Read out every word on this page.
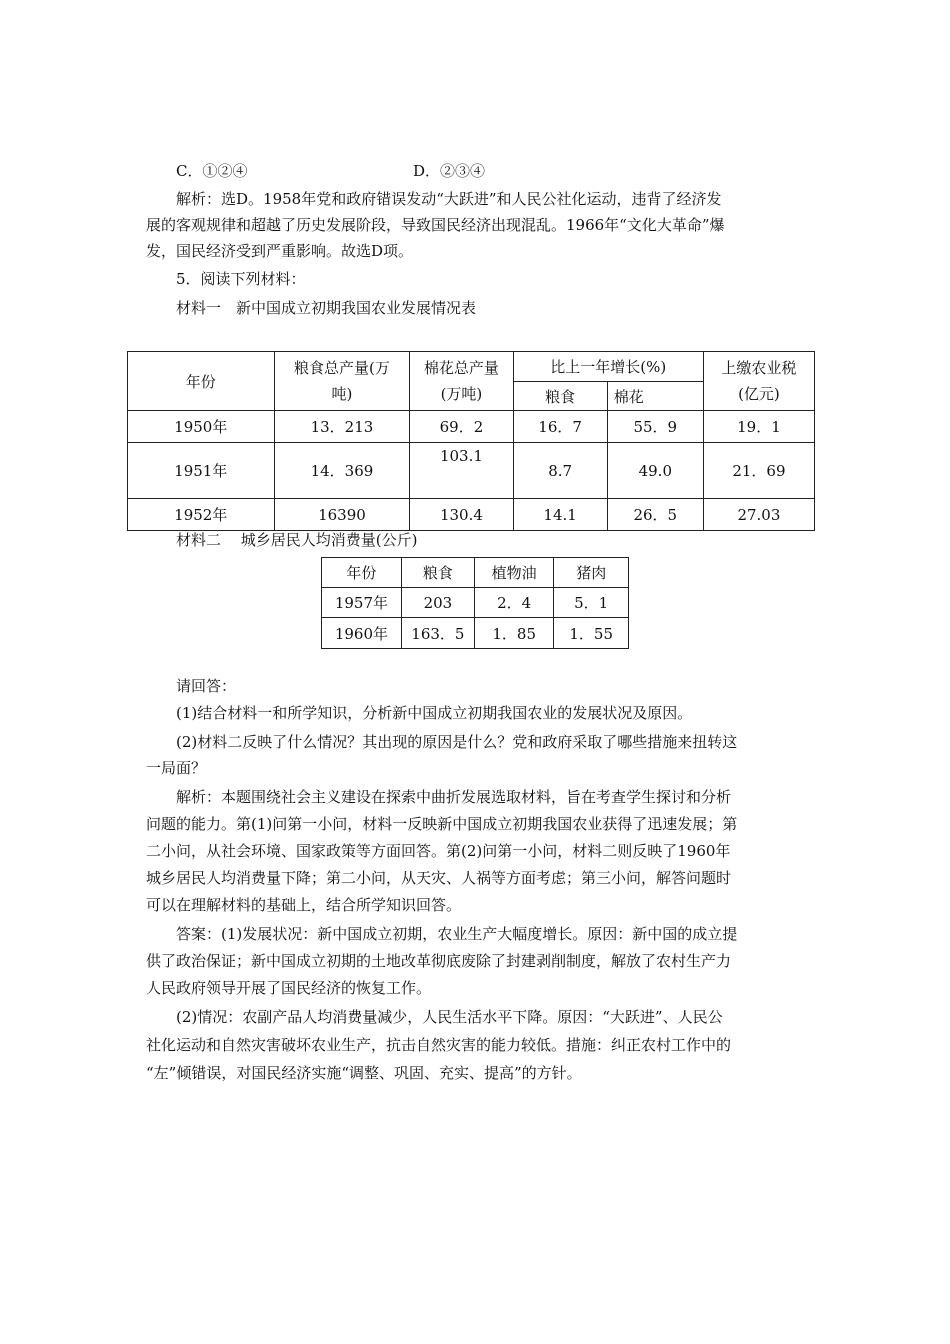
C．①②④	D．②③④
解析：选D。1958年党和政府错误发动“大跃进”和人民公社化运动，违背了经济发
展的客观规律和超越了历史发展阶段，导致国民经济出现混乱。1966年“文化大革命”爆
发，国民经济受到严重影响。故选D项。
5．阅读下列材料：
材料一　新中国成立初期我国农业发展情况表
年份	粮食总产量(万
吨)	棉花总产量
(万吨)	比上一年增长(%)		上缴农业税
(亿元)
			粮食	棉花	
1950年	13．213	69．2	16．7	55．9	19．1
1951年	14．369	103.1	8.7	49.0	21．69
1952年	16390	130.4	14.1	26．5	27.03
材料二　 城乡居民人均消费量(公斤)
年份	粮食	植物油	猪肉
1957年	203	2．4	5．1
1960年	163．5	1．85	1．55
请回答：
(1)结合材料一和所学知识，分析新中国成立初期我国农业的发展状况及原因。
(2)材料二反映了什么情况？其出现的原因是什么？党和政府采取了哪些措施来扭转这
一局面？
解析：本题围绕社会主义建设在探索中曲折发展选取材料，旨在考查学生探讨和分析
问题的能力。第(1)问第一小问，材料一反映新中国成立初期我国农业获得了迅速发展；第
二小问，从社会环境、国家政策等方面回答。第(2)问第一小问，材料二则反映了1960年
城乡居民人均消费量下降；第二小问，从天灾、人祸等方面考虑；第三小问，解答问题时
可以在理解材料的基础上，结合所学知识回答。
答案：(1)发展状况：新中国成立初期，农业生产大幅度增长。原因：新中国的成立提
供了政治保证；新中国成立初期的土地改革彻底废除了封建剥削制度，解放了农村生产力
人民政府领导开展了国民经济的恢复工作。
(2)情况：农副产品人均消费量减少，人民生活水平下降。原因：“大跃进”、人民公
社化运动和自然灾害破坏农业生产，抗击自然灾害的能力较低。措施：纠正农村工作中的
“左”倾错误，对国民经济实施“调整、巩固、充实、提高”的方针。
